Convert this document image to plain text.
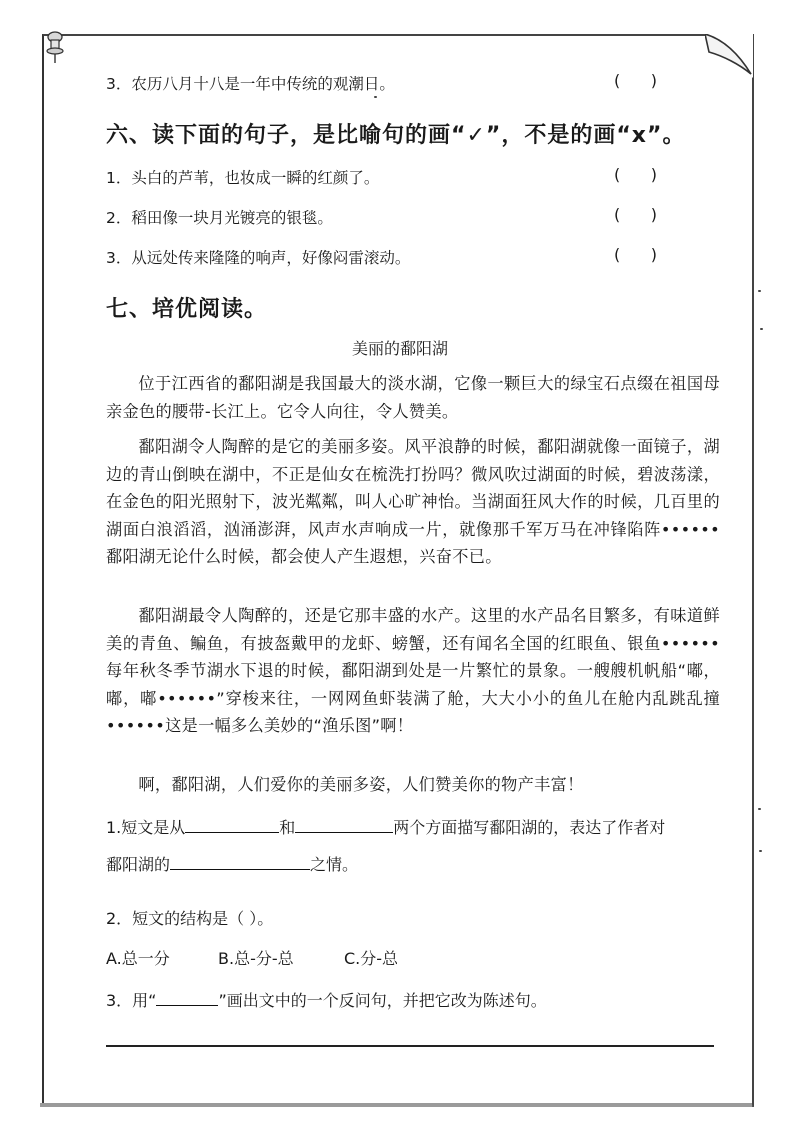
3．农历八月十八是一年中传统的观潮日。	(      )
六、读下面的句子，是比喻句的画“✓”，不是的画“x”。
1．头白的芦苇，也妆成一瞬的红颜了。	(      )
2．稻田像一块月光镀亮的银毯。	(      )
3．从远处传来隆隆的响声，好像闷雷滚动。	(      )
七、培优阅读。
美丽的鄱阳湖
位于江西省的鄱阳湖是我国最大的淡水湖，它像一颗巨大的绿宝石点缀在祖国母亲金色的腰带-长江上。它令人向往，令人赞美。
鄱阳湖令人陶醉的是它的美丽多姿。风平浪静的时候，鄱阳湖就像一面镜子，湖边的青山倒映在湖中，不正是仙女在梳洗打扮吗？微风吹过湖面的时候，碧波荡漾，在金色的阳光照射下，波光粼粼，叫人心旷神怡。当湖面狂风大作的时候，几百里的湖面白浪滔滔，汹涌澎湃，风声水声响成一片，就像那千军万马在冲锋陷阵••••••鄱阳湖无论什么时候，都会使人产生遐想，兴奋不已。
鄱阳湖最令人陶醉的，还是它那丰盛的水产。这里的水产品名目繁多，有味道鲜美的青鱼、鳊鱼，有披盔戴甲的龙虾、螃蟹，还有闻名全国的红眼鱼、银鱼••••••每年秋冬季节湖水下退的时候，鄱阳湖到处是一片繁忙的景象。一艘艘机帆船“嘟，嘟，嘟••••••”穿梭来往，一网网鱼虾装满了舱，大大小小的鱼儿在舱内乱跳乱撞••••••这是一幅多么美妙的“渔乐图”啊！
啊，鄱阳湖，人们爱你的美丽多姿，人们赞美你的物产丰富！
1.短文是从	和	两个方面描写鄱阳湖的，表达了作者对
鄱阳湖的	之情。
2．短文的结构是（ ）。
A.总一分	B.总-分-总	C.分-总
3．用“	”画出文中的一个反问句，并把它改为陈述句。
